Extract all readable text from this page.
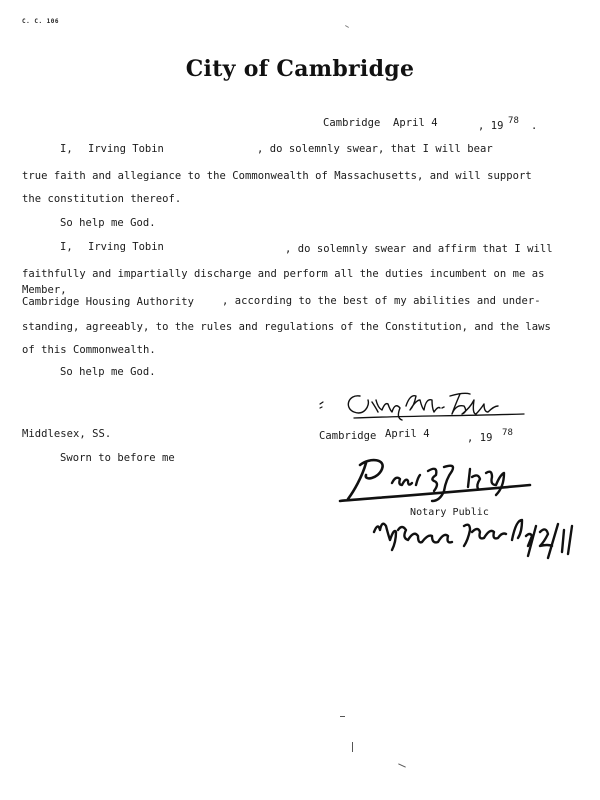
C. C. 106
City of Cambridge
Cambridge April 4	, 19 78 .
I, Irving Tobin	, do solemnly swear, that I will bear
true faith and allegiance to the Commonwealth of Massachusetts, and will support
the constitution thereof.
So help me God.
I, Irving Tobin	, do solemnly swear and affirm that I will
faithfully and impartially discharge and perform all the duties incumbent on me as
Member,
Cambridge Housing Authority	, according to the best of my abilities and under-
standing, agreeably, to the rules and regulations of the Constitution, and the laws
of this Commonwealth.
So help me God.
Middlesex, SS.
Sworn to before me
Cambridge April 4	, 19 78
Notary Public
